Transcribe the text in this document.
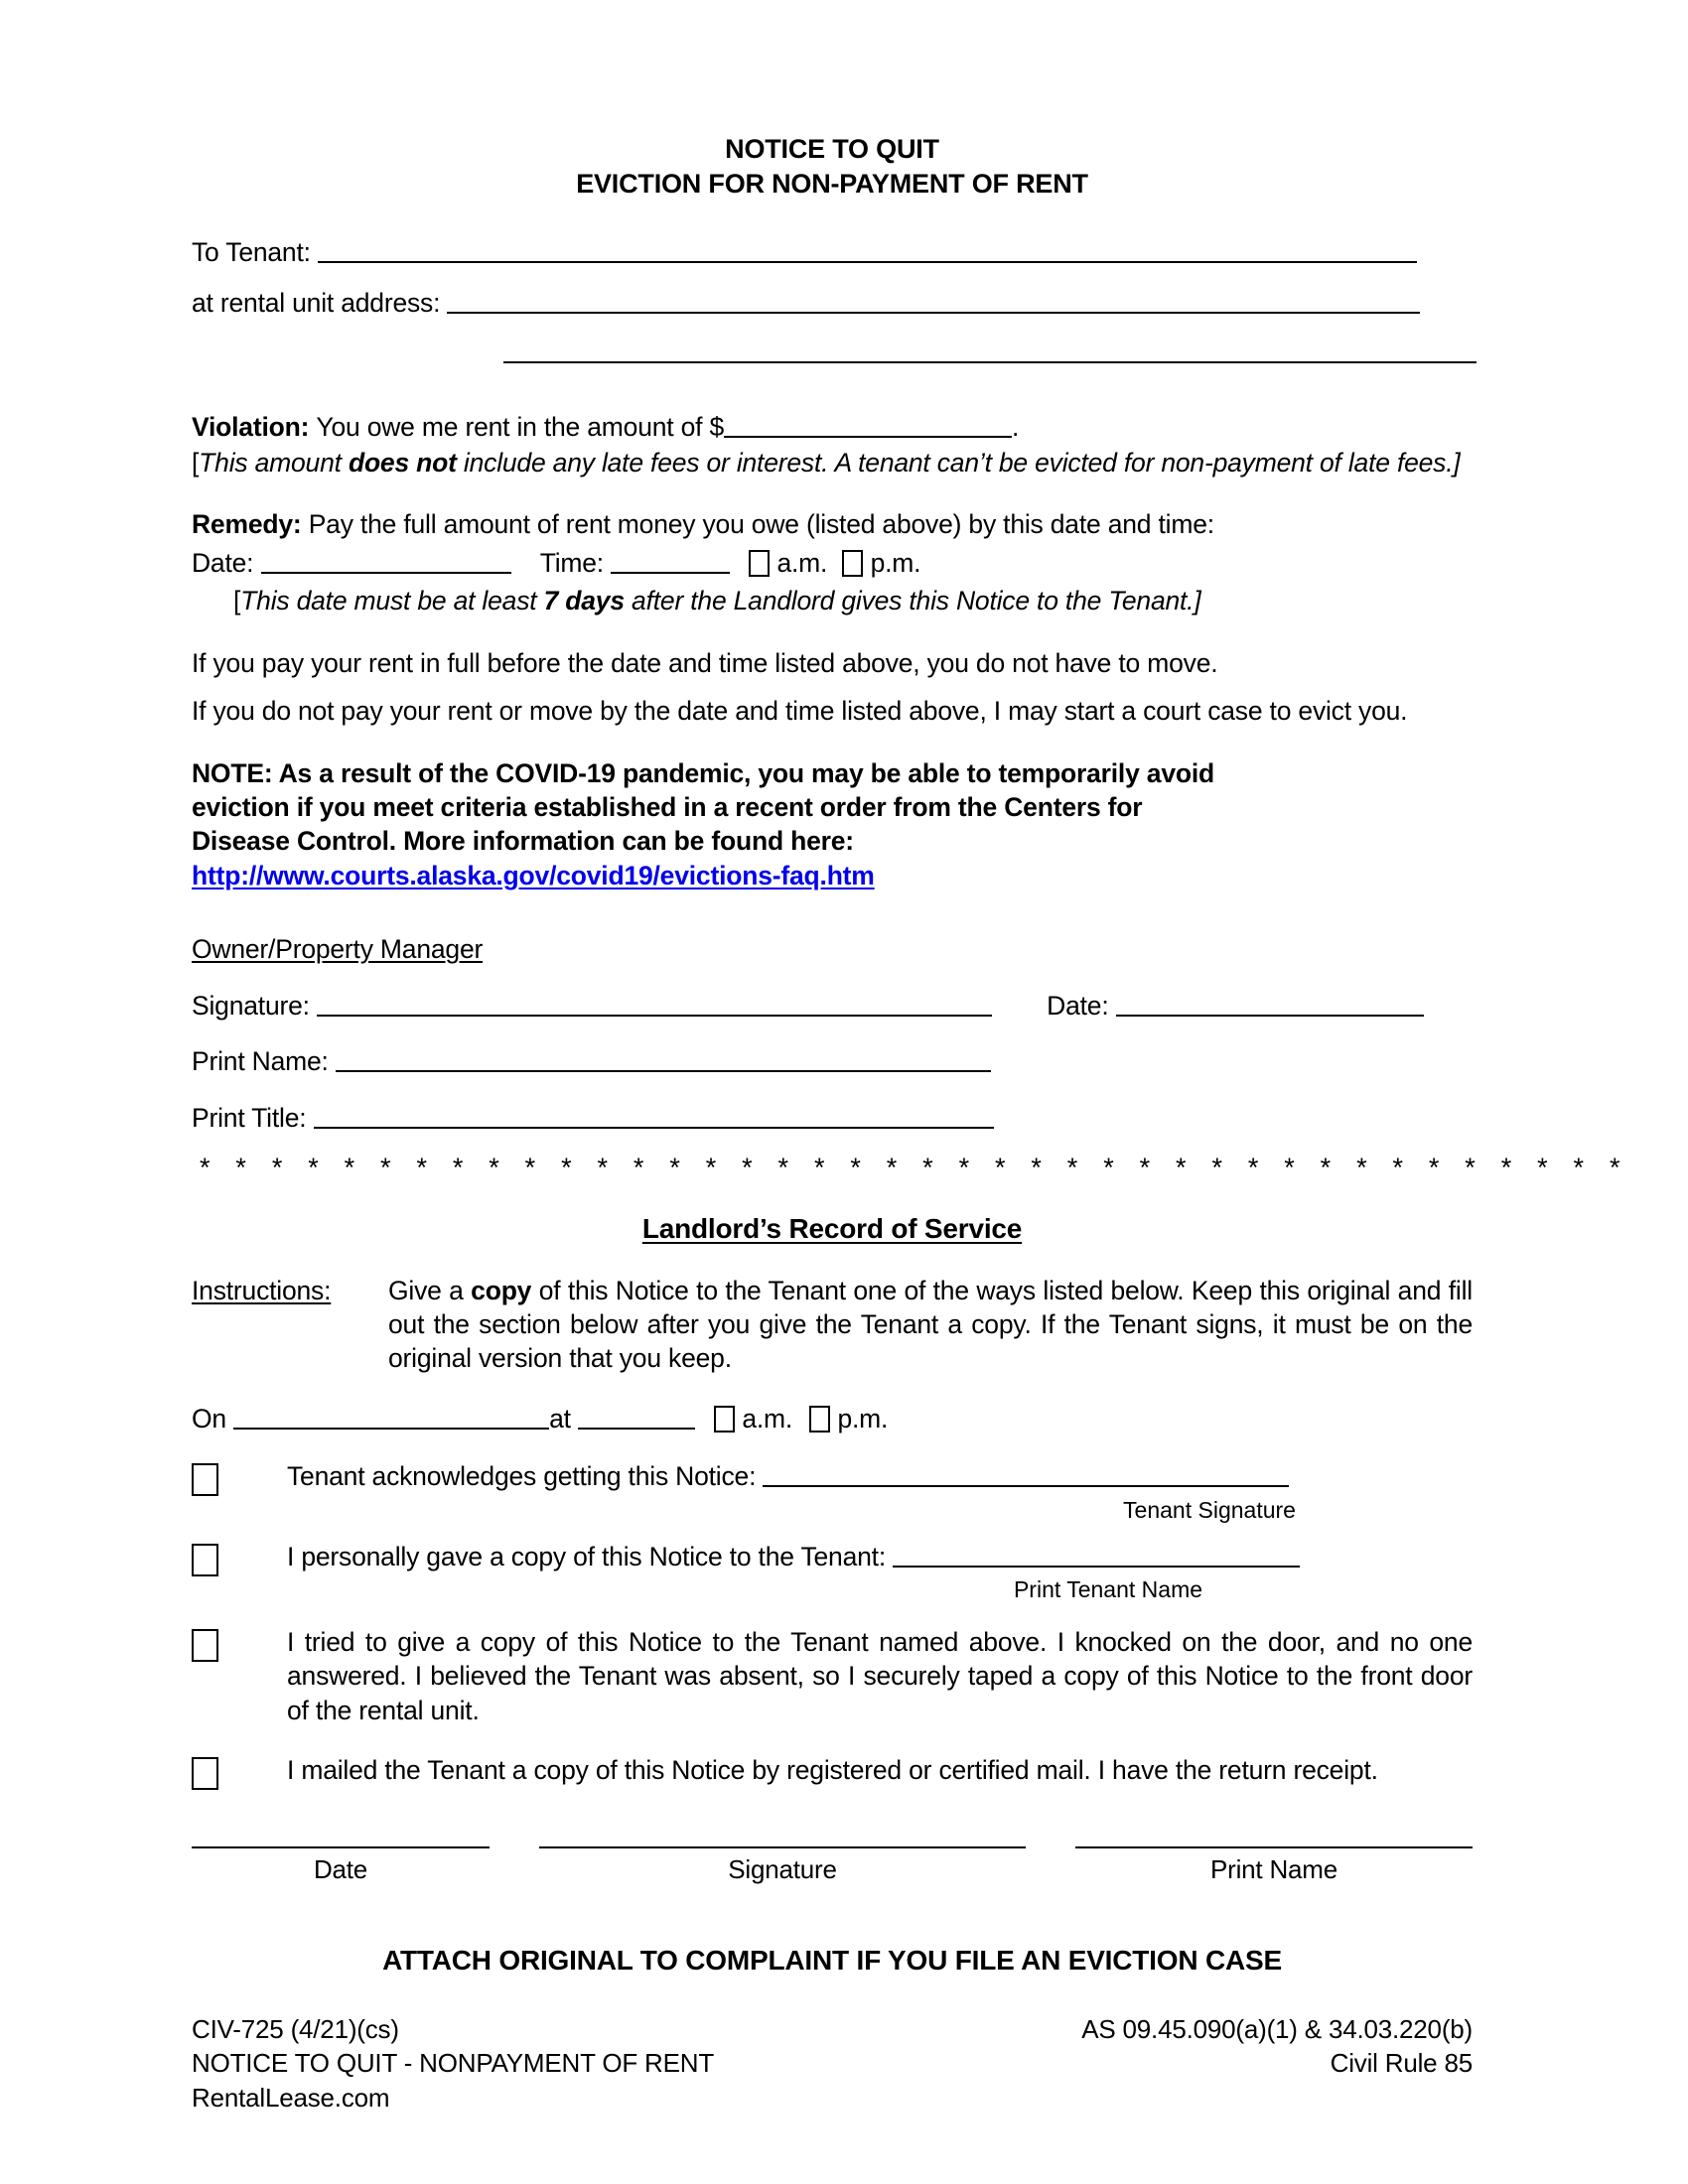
NOTICE TO QUIT
EVICTION FOR NON-PAYMENT OF RENT
To Tenant:
at rental unit address:

Violation: You owe me rent in the amount of $	.

[This amount does not include any late fees or interest. A tenant can’t be evicted for non-payment of late fees.]

Remedy: Pay the full amount of rent money you owe (listed above) by this date and time:
Date:	Time:	a.m. p.m.
[This date must be at least 7 days after the Landlord gives this Notice to the Tenant.]

If you pay your rent in full before the date and time listed above, you do not have to move.

If you do not pay your rent or move by the date and time listed above, I may start a court case to evict you.

NOTE: As a result of the COVID-19 pandemic, you may be able to temporarily avoid
eviction if you meet criteria established in a recent order from the Centers for
Disease Control. More information can be found here:
http://www.courts.alaska.gov/covid19/evictions-faq.htm
Owner/Property Manager
Signature:	Date:
Print Name:
Print Title:
* * * * * * * * * * * * * * * * * * * * * * * * * * * * * * * * * * * * * * * *
Landlord’s Record of Service
Instructions:	Give a copy of this Notice to the Tenant one of the ways listed below. Keep this original and fill out the section below after you give the Tenant a copy. If the Tenant signs, it must be on the original version that you keep.
On	at	a.m. p.m.
Tenant acknowledges getting this Notice:
Tenant Signature
I personally gave a copy of this Notice to the Tenant:
Print Tenant Name
I tried to give a copy of this Notice to the Tenant named above. I knocked on the door, and no one answered. I believed the Tenant was absent, so I securely taped a copy of this Notice to the front door of the rental unit.
I mailed the Tenant a copy of this Notice by registered or certified mail. I have the return receipt.
Date	Signature	Print Name
ATTACH ORIGINAL TO COMPLAINT IF YOU FILE AN EVICTION CASE
CIV-725 (4/21)(cs)	AS 09.45.090(a)(1) & 34.03.220(b)
NOTICE TO QUIT - NONPAYMENT OF RENT	Civil Rule 85
RentalLease.com
